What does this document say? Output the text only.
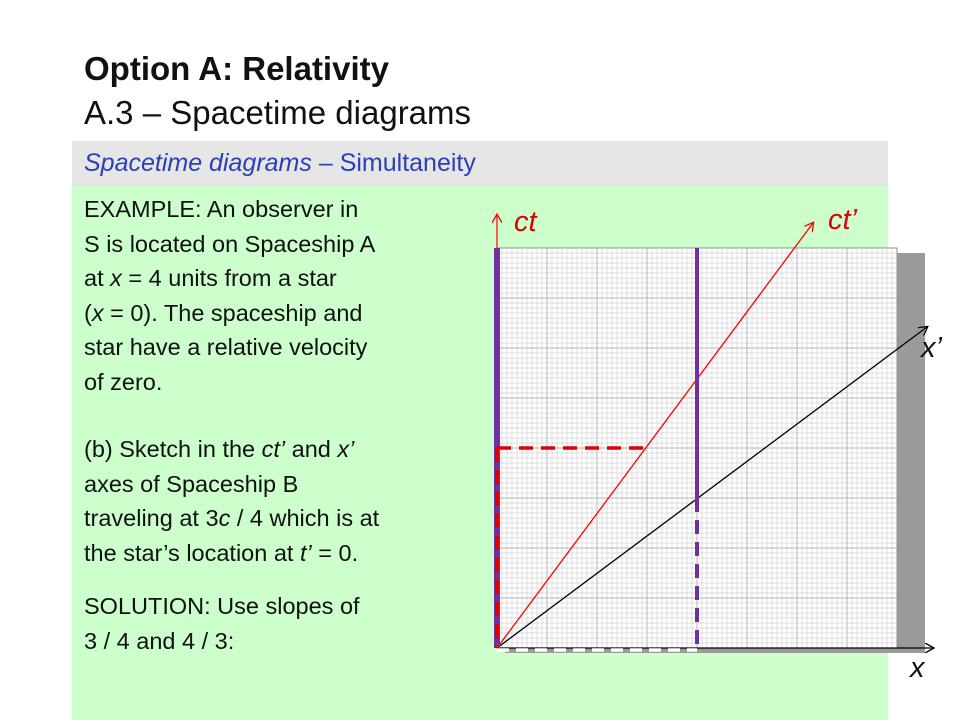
Option A: Relativity
A.3 – Spacetime diagrams
Spacetime diagrams – Simultaneity
EXAMPLE: An observer in
S is located on Spaceship A
at x = 4 units from a star
(x = 0). The spaceship and
star have a relative velocity
of zero.
(b) Sketch in the ct’ and x’
axes of Spaceship B
traveling at 3c / 4 which is at
the star’s location at t’ = 0.
SOLUTION: Use slopes of
3 / 4 and 4 / 3:
ct	ct’
x’
x
